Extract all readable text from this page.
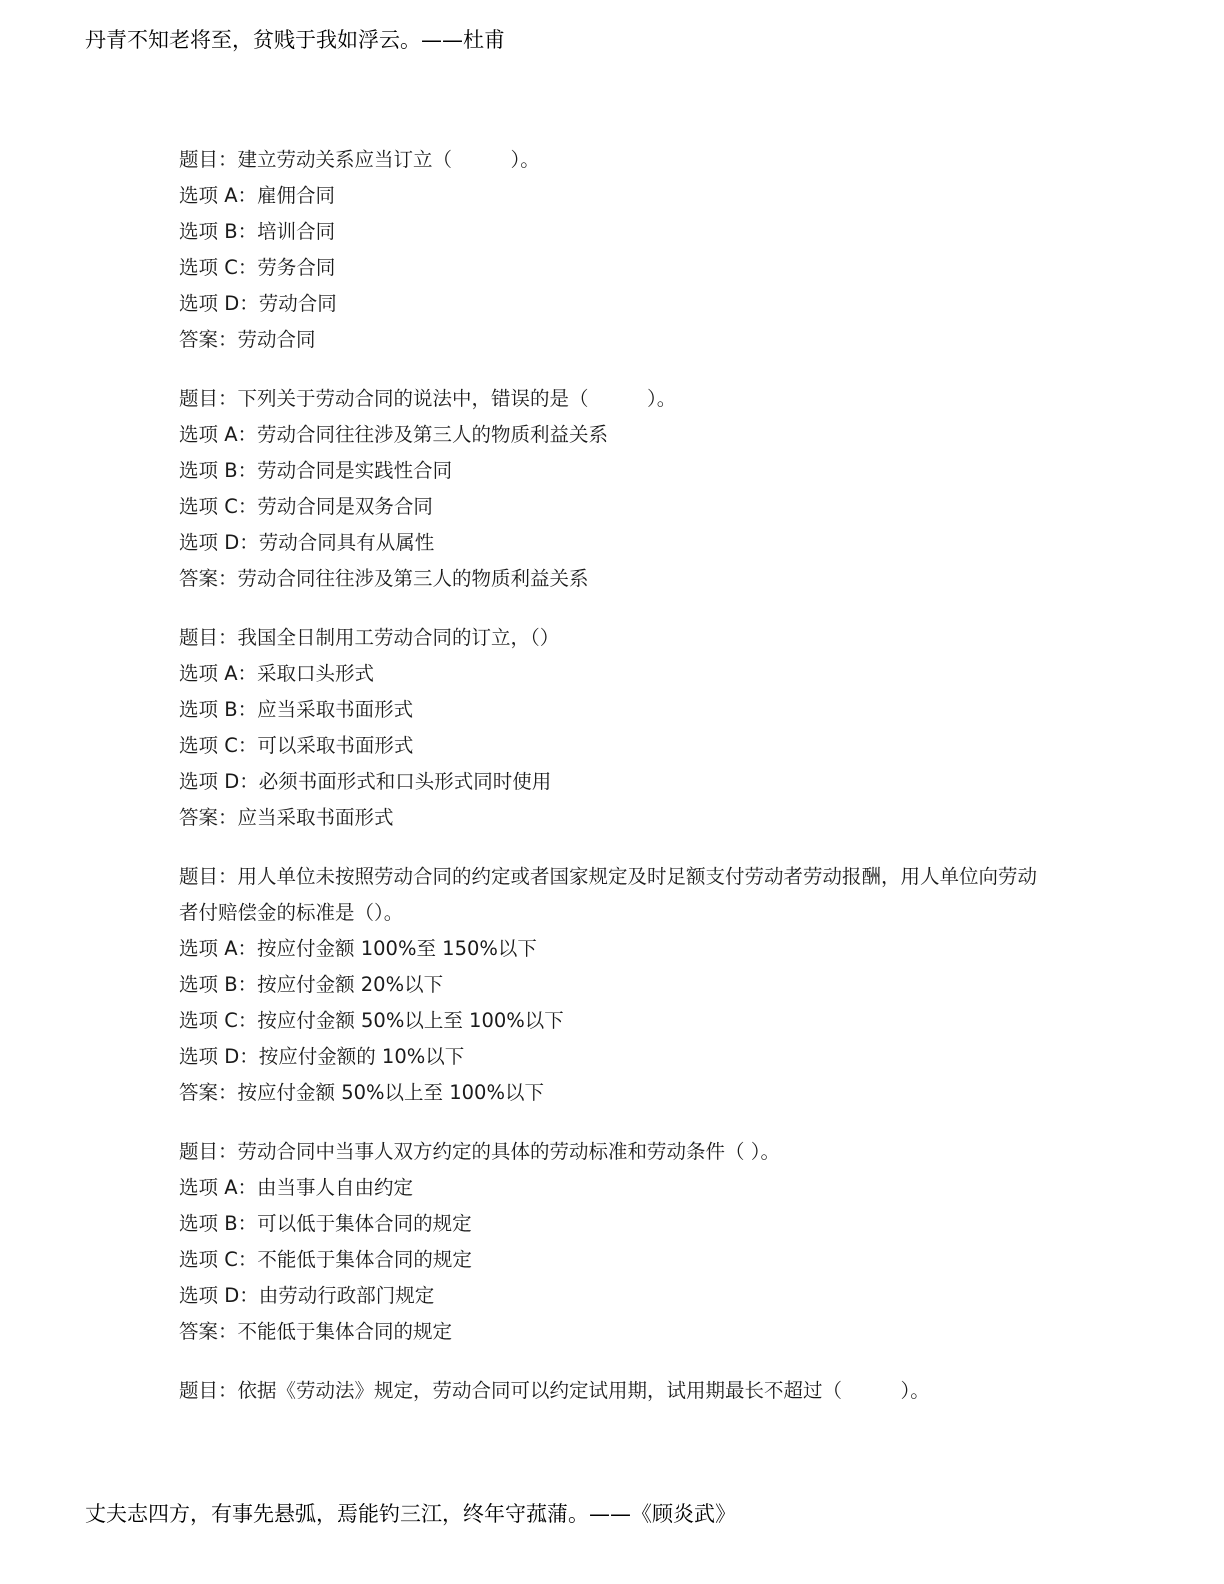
丹青不知老将至，贫贱于我如浮云。——杜甫
题目：建立劳动关系应当订立（　　　）。
选项 A：雇佣合同
选项 B：培训合同
选项 C：劳务合同
选项 D：劳动合同
答案：劳动合同
题目：下列关于劳动合同的说法中，错误的是（　　　）。
选项 A：劳动合同往往涉及第三人的物质利益关系
选项 B：劳动合同是实践性合同
选项 C：劳动合同是双务合同
选项 D：劳动合同具有从属性
答案：劳动合同往往涉及第三人的物质利益关系
题目：我国全日制用工劳动合同的订立，（）
选项 A：采取口头形式
选项 B：应当采取书面形式
选项 C：可以采取书面形式
选项 D：必须书面形式和口头形式同时使用
答案：应当采取书面形式
题目：用人单位未按照劳动合同的约定或者国家规定及时足额支付劳动者劳动报酬，用人单位向劳动者付赔偿金的标准是（）。
选项 A：按应付金额 100%至 150%以下
选项 B：按应付金额 20%以下
选项 C：按应付金额 50%以上至 100%以下
选项 D：按应付金额的 10%以下
答案：按应付金额 50%以上至 100%以下
题目：劳动合同中当事人双方约定的具体的劳动标准和劳动条件（ ）。
选项 A：由当事人自由约定
选项 B：可以低于集体合同的规定
选项 C：不能低于集体合同的规定
选项 D：由劳动行政部门规定
答案：不能低于集体合同的规定
题目：依据《劳动法》规定，劳动合同可以约定试用期，试用期最长不超过（　　　）。
丈夫志四方，有事先悬弧，焉能钓三江，终年守菰蒲。——《顾炎武》
